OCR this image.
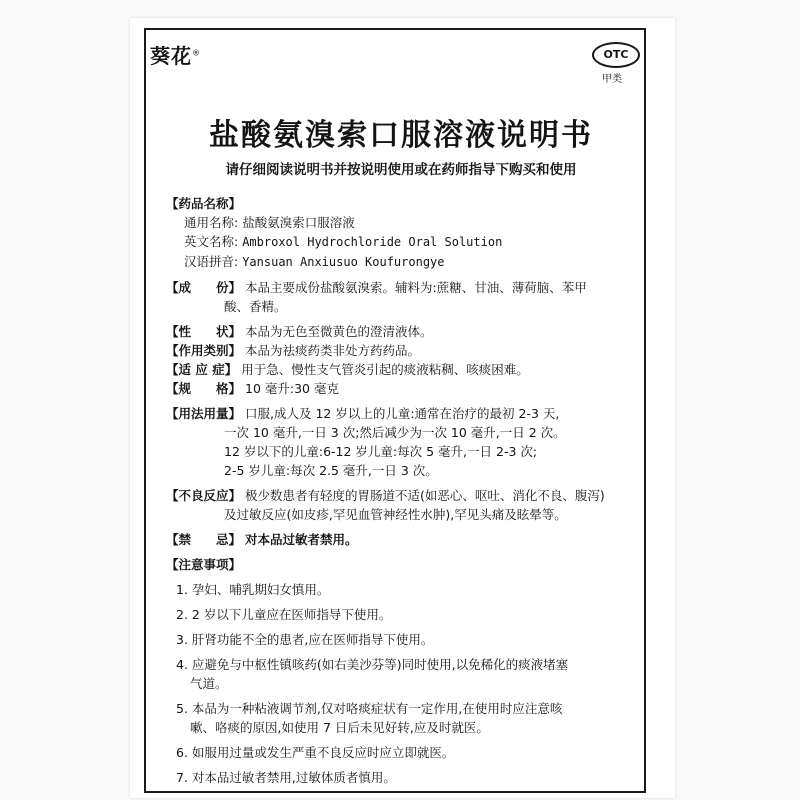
葵花®	OTC
甲类
盐酸氨溴索口服溶液说明书
请仔细阅读说明书并按说明使用或在药师指导下购买和使用
【药品名称】
通用名称: 盐酸氨溴索口服溶液
英文名称: Ambroxol Hydrochloride Oral Solution
汉语拼音: Yansuan Anxiusuo Koufurongye
【成　　份】 本品主要成份盐酸氨溴索。辅料为:蔗糖、甘油、薄荷脑、苯甲
酸、香精。
【性　　状】 本品为无色至微黄色的澄清液体。
【作用类别】 本品为祛痰药类非处方药药品。
【适 应 症】 用于急、慢性支气管炎引起的痰液粘稠、咳痰困难。
【规　　格】 10 毫升:30 毫克
【用法用量】 口服,成人及 12 岁以上的儿童:通常在治疗的最初 2-3 天,
一次 10 毫升,一日 3 次;然后减少为一次 10 毫升,一日 2 次。
12 岁以下的儿童:6-12 岁儿童:每次 5 毫升,一日 2-3 次;
2-5 岁儿童:每次 2.5 毫升,一日 3 次。
【不良反应】 极少数患者有轻度的胃肠道不适(如恶心、呕吐、消化不良、腹泻)
及过敏反应(如皮疹,罕见血管神经性水肿),罕见头痛及眩晕等。
【禁　　忌】 对本品过敏者禁用。
【注意事项】
1. 孕妇、哺乳期妇女慎用。
2. 2 岁以下儿童应在医师指导下使用。
3. 肝肾功能不全的患者,应在医师指导下使用。
4. 应避免与中枢性镇咳药(如右美沙芬等)同时使用,以免稀化的痰液堵塞
气道。
5. 本品为一种粘液调节剂,仅对咯痰症状有一定作用,在使用时应注意咳
嗽、咯痰的原因,如使用 7 日后未见好转,应及时就医。
6. 如服用过量或发生严重不良反应时应立即就医。
7. 对本品过敏者禁用,过敏体质者慎用。
